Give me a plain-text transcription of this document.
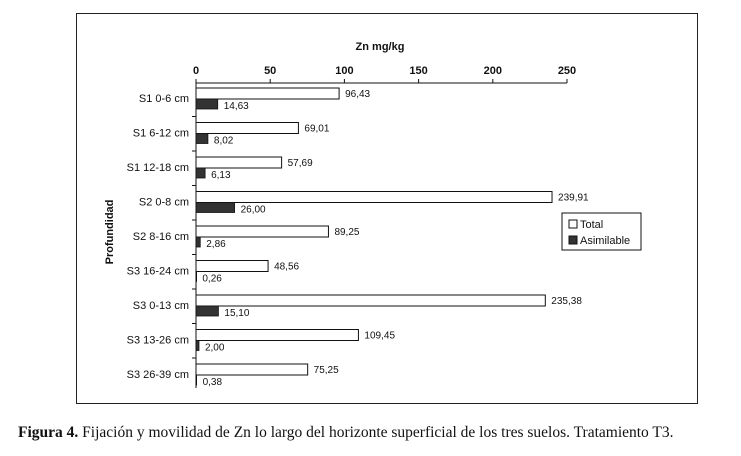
0	50	100	150	200	250
S1 0-6 cm	96,43
14,63
S1 6-12 cm	69,01
8,02
S1 12-18 cm	57,69
6,13
S2 0-8 cm	239,91
26,00
S2 8-16 cm	89,25
2,86
S3 16-24 cm	48,56
0,26
S3 0-13 cm	235,38
15,10
S3 13-26 cm	109,45
2,00
S3 26-39 cm	75,25
0,38
Zn mg/kg
Profundidad	Total
Asimilable
Figura 4. Fijación y movilidad de Zn lo largo del horizonte superficial de los tres suelos. Tratamiento T3.
